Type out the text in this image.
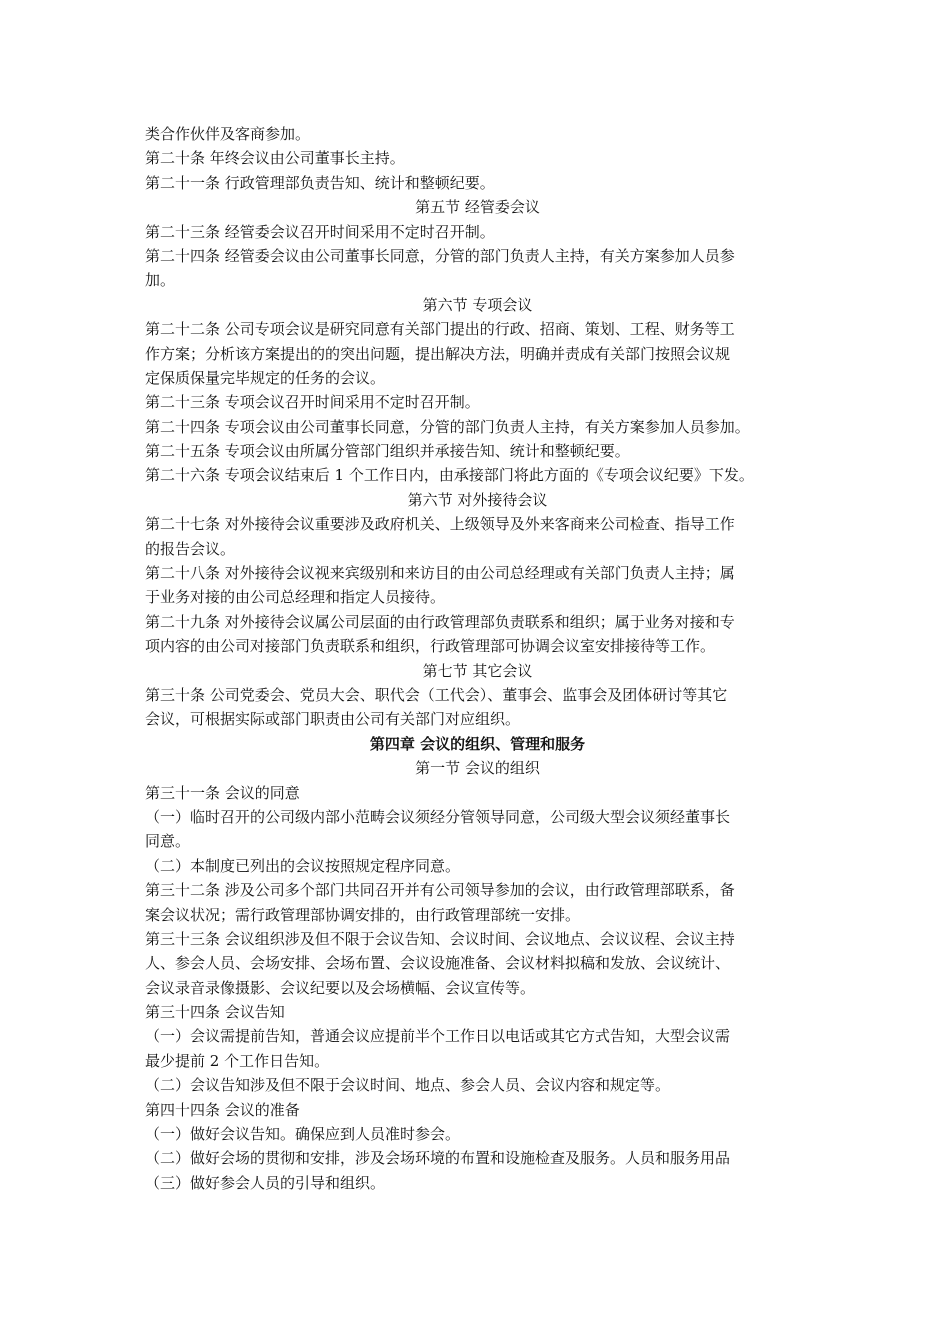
类合作伙伴及客商参加。
第二十条 年终会议由公司董事长主持。
第二十一条 行政管理部负责告知、统计和整顿纪要。
第五节 经管委会议
第二十三条 经管委会议召开时间采用不定时召开制。
第二十四条 经管委会议由公司董事长同意，分管的部门负责人主持，有关方案参加人员参
加。
第六节 专项会议
第二十二条 公司专项会议是研究同意有关部门提出的行政、招商、策划、工程、财务等工
作方案；分析该方案提出的的突出问题，提出解决方法，明确并责成有关部门按照会议规
定保质保量完毕规定的任务的会议。
第二十三条 专项会议召开时间采用不定时召开制。
第二十四条 专项会议由公司董事长同意，分管的部门负责人主持，有关方案参加人员参加。
第二十五条 专项会议由所属分管部门组织并承接告知、统计和整顿纪要。
第二十六条 专项会议结束后 1 个工作日内，由承接部门将此方面的《专项会议纪要》下发。
第六节 对外接待会议
第二十七条 对外接待会议重要涉及政府机关、上级领导及外来客商来公司检查、指导工作
的报告会议。
第二十八条 对外接待会议视来宾级别和来访目的由公司总经理或有关部门负责人主持；属
于业务对接的由公司总经理和指定人员接待。
第二十九条 对外接待会议属公司层面的由行政管理部负责联系和组织；属于业务对接和专
项内容的由公司对接部门负责联系和组织，行政管理部可协调会议室安排接待等工作。
第七节 其它会议
第三十条 公司党委会、党员大会、职代会（工代会）、董事会、监事会及团体研讨等其它
会议，可根据实际或部门职责由公司有关部门对应组织。
第四章 会议的组织、管理和服务
第一节 会议的组织
第三十一条 会议的同意
（一）临时召开的公司级内部小范畴会议须经分管领导同意，公司级大型会议须经董事长
同意。
（二）本制度已列出的会议按照规定程序同意。
第三十二条 涉及公司多个部门共同召开并有公司领导参加的会议，由行政管理部联系，备
案会议状况；需行政管理部协调安排的，由行政管理部统一安排。
第三十三条 会议组织涉及但不限于会议告知、会议时间、会议地点、会议议程、会议主持
人、参会人员、会场安排、会场布置、会议设施准备、会议材料拟稿和发放、会议统计、
会议录音录像摄影、会议纪要以及会场横幅、会议宣传等。
第三十四条 会议告知
（一）会议需提前告知，普通会议应提前半个工作日以电话或其它方式告知，大型会议需
最少提前 2 个工作日告知。
（二）会议告知涉及但不限于会议时间、地点、参会人员、会议内容和规定等。
第四十四条 会议的准备
（一）做好会议告知。确保应到人员准时参会。
（二）做好会场的贯彻和安排，涉及会场环境的布置和设施检查及服务。人员和服务用品
（三）做好参会人员的引导和组织。
